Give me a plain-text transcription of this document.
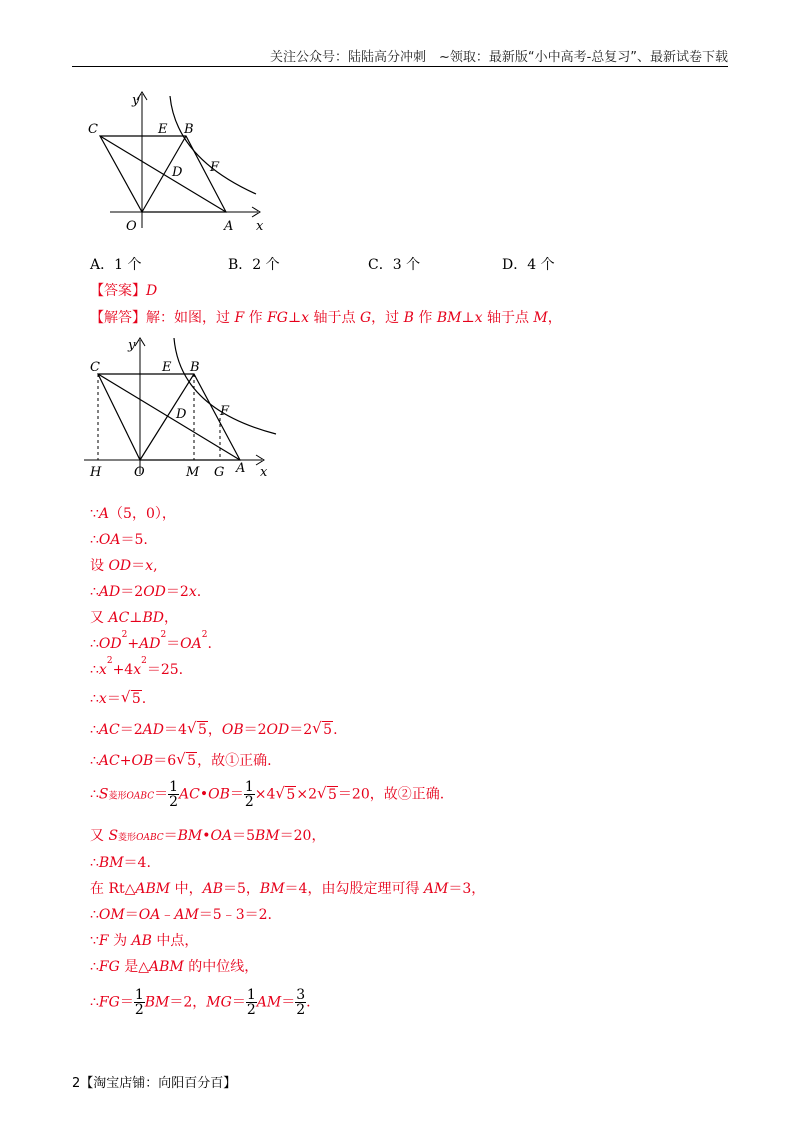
关注公众号：陆陆高分冲刺　~领取：最新版“小中高考-总复习”、最新试卷下载
y
x
C	E B
F
D
O	A
A．1 个	B．2 个	C．3 个	D．4 个
【答案】D
【解答】解：如图，过 F 作 FG⊥x 轴于点 G，过 B 作 BM⊥x 轴于点 M，
y
x
C	E B
F
D
O	A
H	M G
∵A（5，0），
∴OA＝5.
设 OD＝x,
∴AD＝2OD＝2x.
又 AC⊥BD，
$\therefore OD^2+AD^2=OA^2$.
$\therefore x^2+4x^2=25$.
∴x＝√ 5.
∴AC＝2AD＝4√ 5，OB＝2OD＝2√ 5.
∴AC+OB＝6√ 5，故①正确.
∴S菱形OABC＝ $\frac{1}{2}$ AC•OB＝ $\frac{1}{2} \times 4√$ 5×2√ 5＝20，故②正确.
又 S菱形OABC＝BM•OA＝5BM＝20，
∴BM＝4.
在 Rt△ABM 中，AB＝5，BM＝4，由勾股定理可得 AM＝3，
∴OM＝OA﹣AM＝5﹣3＝2.
∵F 为 AB 中点，
∴FG 是△ABM 的中位线，
∴FG＝ $\frac{1}{2} BM=2$，$MG= \frac{1}{2} AM= \frac{3}{2}$ .
2【淘宝店铺：向阳百分百】
